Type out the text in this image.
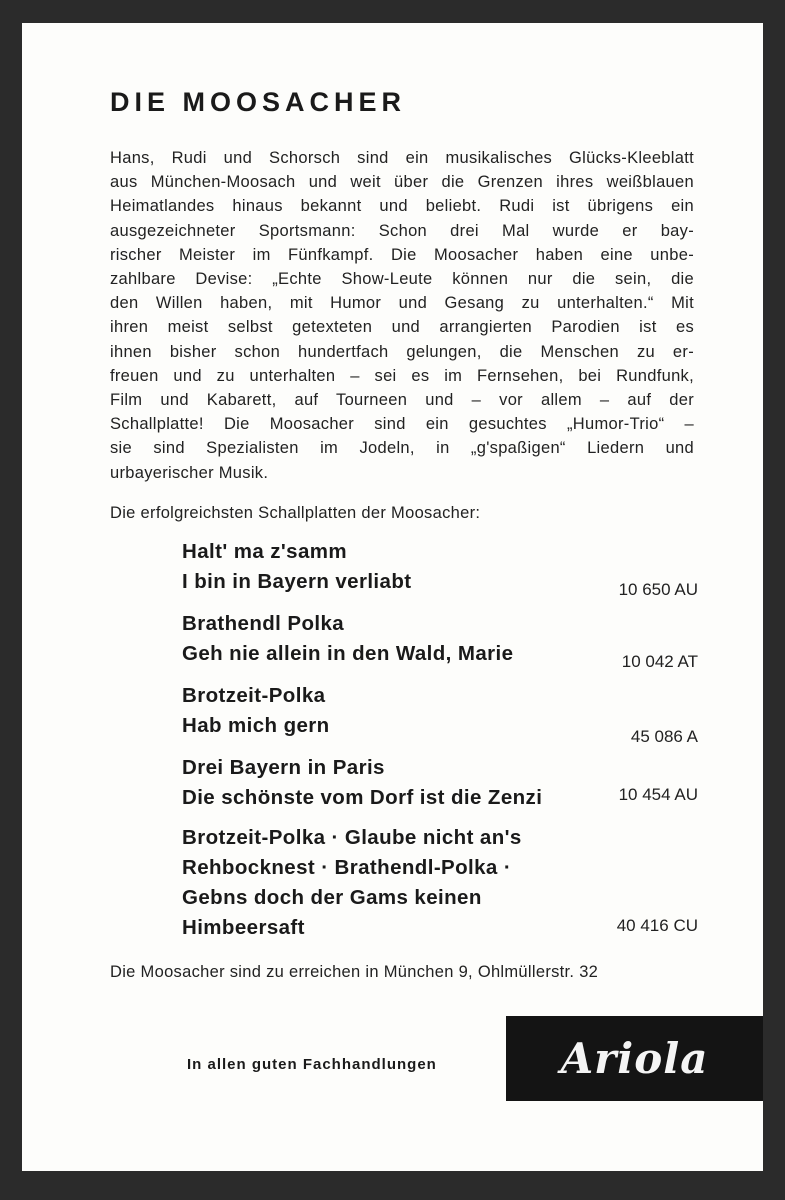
DIE MOOSACHER
Hans, Rudi und Schorsch sind ein musikalisches Glücks-Kleeblatt
aus München-Moosach und weit über die Grenzen ihres weißblauen
Heimatlandes hinaus bekannt und beliebt. Rudi ist übrigens ein
ausgezeichneter Sportsmann: Schon drei Mal wurde er bay-
rischer Meister im Fünfkampf. Die Moosacher haben eine unbe-
zahlbare Devise: „Echte Show-Leute können nur die sein, die
den Willen haben, mit Humor und Gesang zu unterhalten.“ Mit
ihren meist selbst getexteten und arrangierten Parodien ist es
ihnen bisher schon hundertfach gelungen, die Menschen zu er-
freuen und zu unterhalten – sei es im Fernsehen, bei Rundfunk,
Film und Kabarett, auf Tourneen und – vor allem – auf der
Schallplatte! Die Moosacher sind ein gesuchtes „Humor-Trio“ –
sie sind Spezialisten im Jodeln, in „g'spaßigen“ Liedern und
urbayerischer Musik.
Die erfolgreichsten Schallplatten der Moosacher:
Halt' ma z'samm
I bin in Bayern verliabt	10 650 AU
Brathendl Polka
Geh nie allein in den Wald, Marie	10 042 AT
Brotzeit-Polka
Hab mich gern	45 086 A
Drei Bayern in Paris
Die schönste vom Dorf ist die Zenzi	10 454 AU
Brotzeit-Polka · Glaube nicht an's
Rehbocknest · Brathendl-Polka ·
Gebns doch der Gams keinen
Himbeersaft	40 416 CU
Die Moosacher sind zu erreichen in München 9, Ohlmüllerstr. 32
In allen guten Fachhandlungen	Ariola
